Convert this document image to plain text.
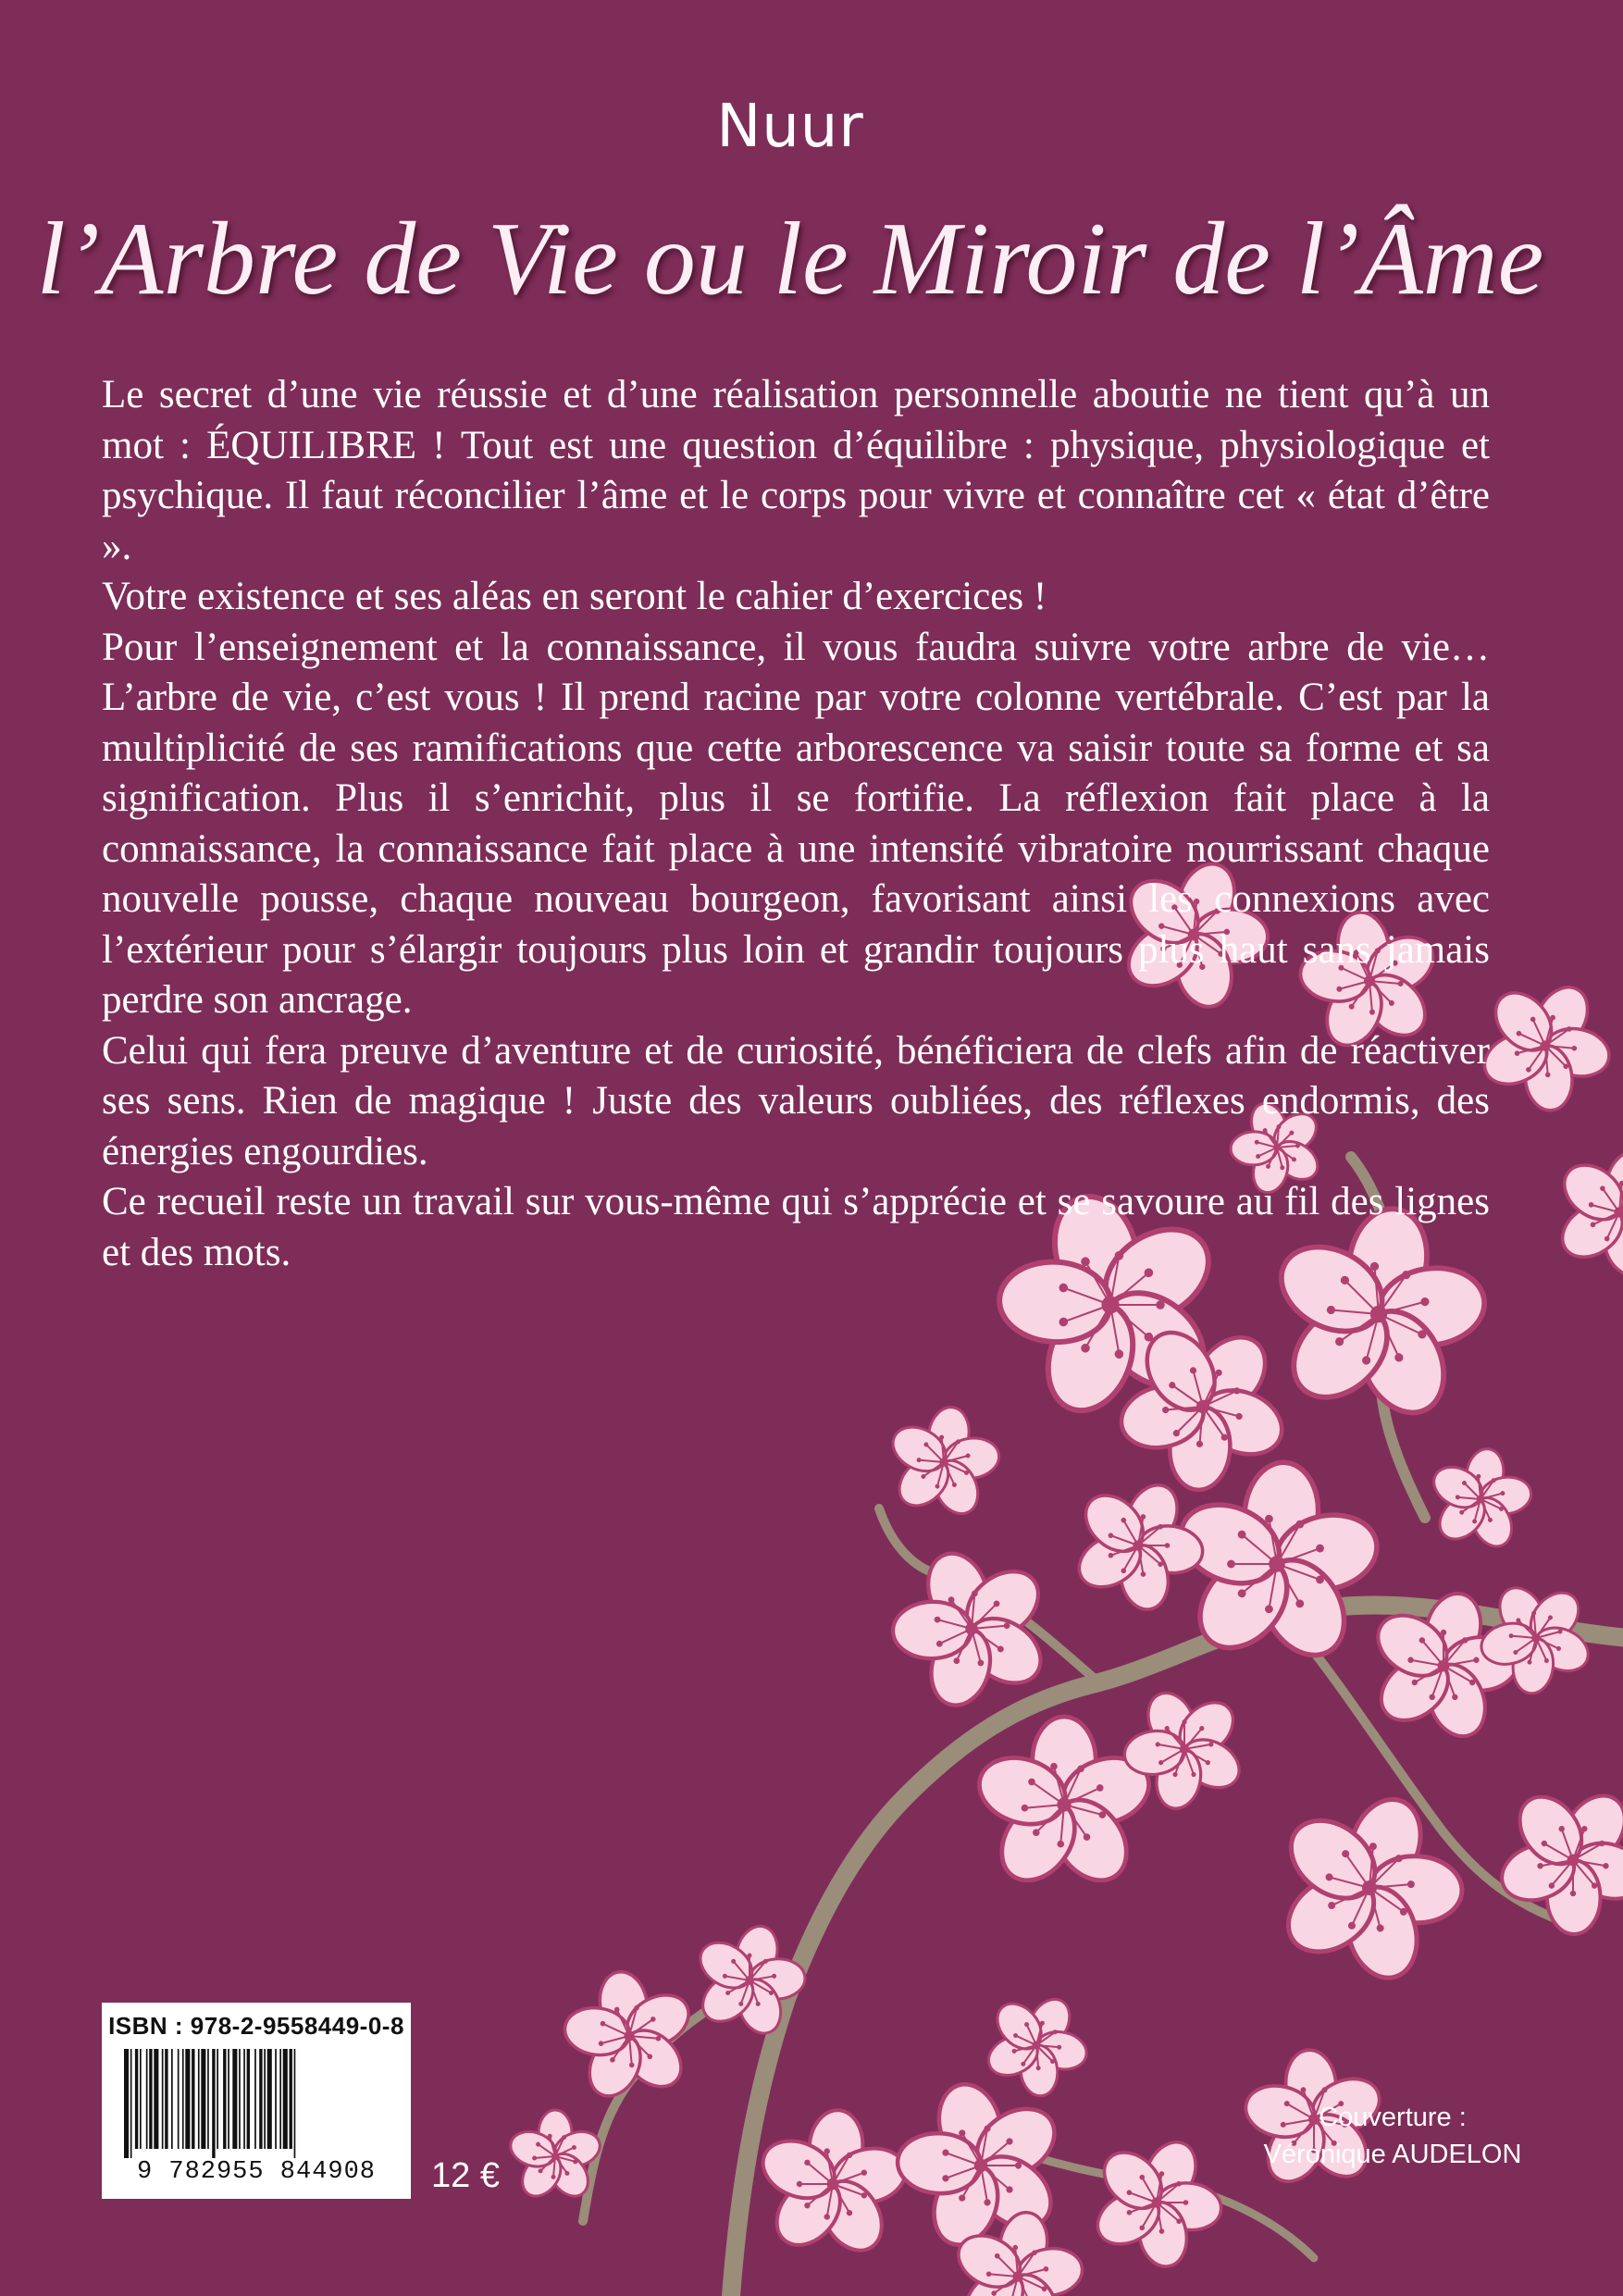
Nuur
l’Arbre de Vie ou le Miroir de l’Âme

Le secret d’une vie réussie et d’une réalisation personnelle aboutie ne tient qu’à un mot : ÉQUILIBRE ! Tout est une question d’équilibre : physique, physiologique et psychique. Il faut réconcilier l’âme et le corps pour vivre et connaître cet « état d’être ».

Votre existence et ses aléas en seront le cahier d’exercices !

Pour l’enseignement et la connaissance, il vous faudra suivre votre arbre de vie… L’arbre de vie, c’est vous ! Il prend racine par votre colonne vertébrale. C’est par la multiplicité de ses ramifications que cette arborescence va saisir toute sa forme et sa signification. Plus il s’enrichit, plus il se fortifie. La réflexion fait place à la connaissance, la connaissance fait place à une intensité vibratoire nourrissant chaque nouvelle pousse, chaque nouveau bourgeon, favorisant ainsi les connexions avec l’extérieur pour s’élargir toujours plus loin et grandir toujours plus haut sans jamais perdre son ancrage.

Celui qui fera preuve d’aventure et de curiosité, bénéficiera de clefs afin de réactiver ses sens. Rien de magique ! Juste des valeurs oubliées, des réflexes endormis, des énergies engourdies.

Ce recueil reste un travail sur vous-même qui s’apprécie et se savoure au fil des lignes et des mots.

ISBN : 978-2-9558449-0-8
9 782955 844908	12 €
Couverture :
Véronique AUDELON
